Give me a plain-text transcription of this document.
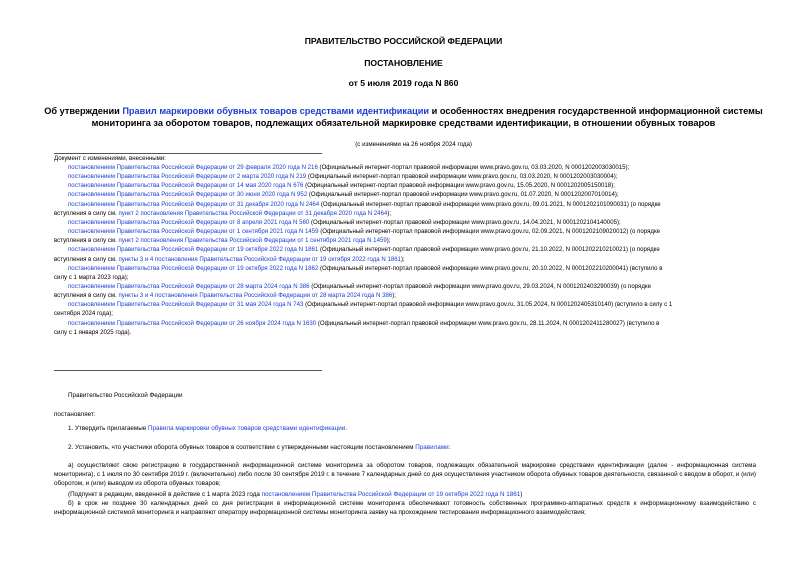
ПРАВИТЕЛЬСТВО РОССИЙСКОЙ ФЕДЕРАЦИИ
ПОСТАНОВЛЕНИЕ
от 5 июля 2019 года N 860
Об утверждении Правил маркировки обувных товаров средствами идентификации и особенностях внедрения государственной информационной системы
мониторинга за оборотом товаров, подлежащих обязательной маркировке средствами идентификации, в отношении обувных товаров
(с изменениями на 26 ноября 2024 года)
Документ с изменениями, внесенными:
постановлением Правительства Российской Федерации от 29 февраля 2020 года N 216 (Официальный интернет-портал правовой информации www.pravo.gov.ru, 03.03.2020, N 0001202003030015);
постановлением Правительства Российской Федерации от 2 марта 2020 года N 219 (Официальный интернет-портал правовой информации www.pravo.gov.ru, 03.03.2020, N 0001202003030004);
постановлением Правительства Российской Федерации от 14 мая 2020 года N 676 (Официальный интернет-портал правовой информации www.pravo.gov.ru, 15.05.2020, N 0001202005150018);
постановлением Правительства Российской Федерации от 30 июня 2020 года N 952 (Официальный интернет-портал правовой информации www.pravo.gov.ru, 01.07.2020, N 0001202007010014);
постановлением Правительства Российской Федерации от 31 декабря 2020 года N 2464 (Официальный интернет-портал правовой информации www.pravo.gov.ru, 09.01.2021, N 0001202101090031) (о порядке
вступления в силу см. пункт 2 постановления Правительства Российской Федерации от 31 декабря 2020 года N 2464);
постановлением Правительства Российской Федерации от 8 апреля 2021 года N 560 (Официальный интернет-портал правовой информации www.pravo.gov.ru, 14.04.2021, N 0001202104140005);
постановлением Правительства Российской Федерации от 1 сентября 2021 года N 1459 (Официальный интернет-портал правовой информации www.pravo.gov.ru, 02.09.2021, N 0001202109020012) (о порядке
вступления в силу см. пункт 2 постановления Правительства Российской Федерации от 1 сентября 2021 года N 1459);
постановлением Правительства Российской Федерации от 19 октября 2022 года N 1861 (Официальный интернет-портал правовой информации www.pravo.gov.ru, 21.10.2022, N 0001202210210021) (о порядке
вступления в силу см. пункты 3 и 4 постановления Правительства Российской Федерации от 19 октября 2022 года N 1861);
постановлением Правительства Российской Федерации от 19 октября 2022 года N 1862 (Официальный интернет-портал правовой информации www.pravo.gov.ru, 20.10.2022, N 0001202210200041) (вступило в
силу с 1 марта 2023 года);
постановлением Правительства Российской Федерации от 28 марта 2024 года N 386 (Официальный интернет-портал правовой информации www.pravo.gov.ru, 29.03.2024, N 0001202403290039) (о порядке
вступления в силу см. пункты 3 и 4 постановления Правительства Российской Федерации от 28 марта 2024 года N 386);
постановлением Правительства Российской Федерации от 31 мая 2024 года N 743 (Официальный интернет-портал правовой информации www.pravo.gov.ru, 31.05.2024, N 0001202405310140) (вступило в силу с 1
сентября 2024 года);
постановлением Правительства Российской Федерации от 26 ноября 2024 года N 1630 (Официальный интернет-портал правовой информации www.pravo.gov.ru, 28.11.2024, N 0001202411280027) (вступило в
силу с 1 января 2025 года).
Правительство Российской Федерации
постановляет:
1. Утвердить прилагаемые Правила маркировки обувных товаров средствами идентификации.
2. Установить, что участники оборота обувных товаров в соответствии с утвержденными настоящим постановлением Правилами:
а) осуществляют свою регистрацию в государственной информационной системе мониторинга за оборотом товаров, подлежащих обязательной маркировке средствами идентификации (далее - информационная система мониторинга), с 1 июля по 30 сентября 2019 г. (включительно) либо после 30 сентября 2019 г. в течение 7 календарных дней со дня осуществления участником оборота обувных товаров деятельности, связанной с вводом в оборот, и (или) оборотом, и (или) выводом из оборота обувных товаров;
(Подпункт в редакции, введенной в действие с 1 марта 2023 года постановлением Правительства Российской Федерации от 19 октября 2022 года N 1861)
б) в срок не позднее 30 календарных дней со дня регистрации в информационной системе мониторинга обеспечивают готовность собственных программно-аппаратных средств к информационному взаимодействию с информационной системой мониторинга и направляют оператору информационной системы мониторинга заявку на прохождение тестирования информационного взаимодействия;
